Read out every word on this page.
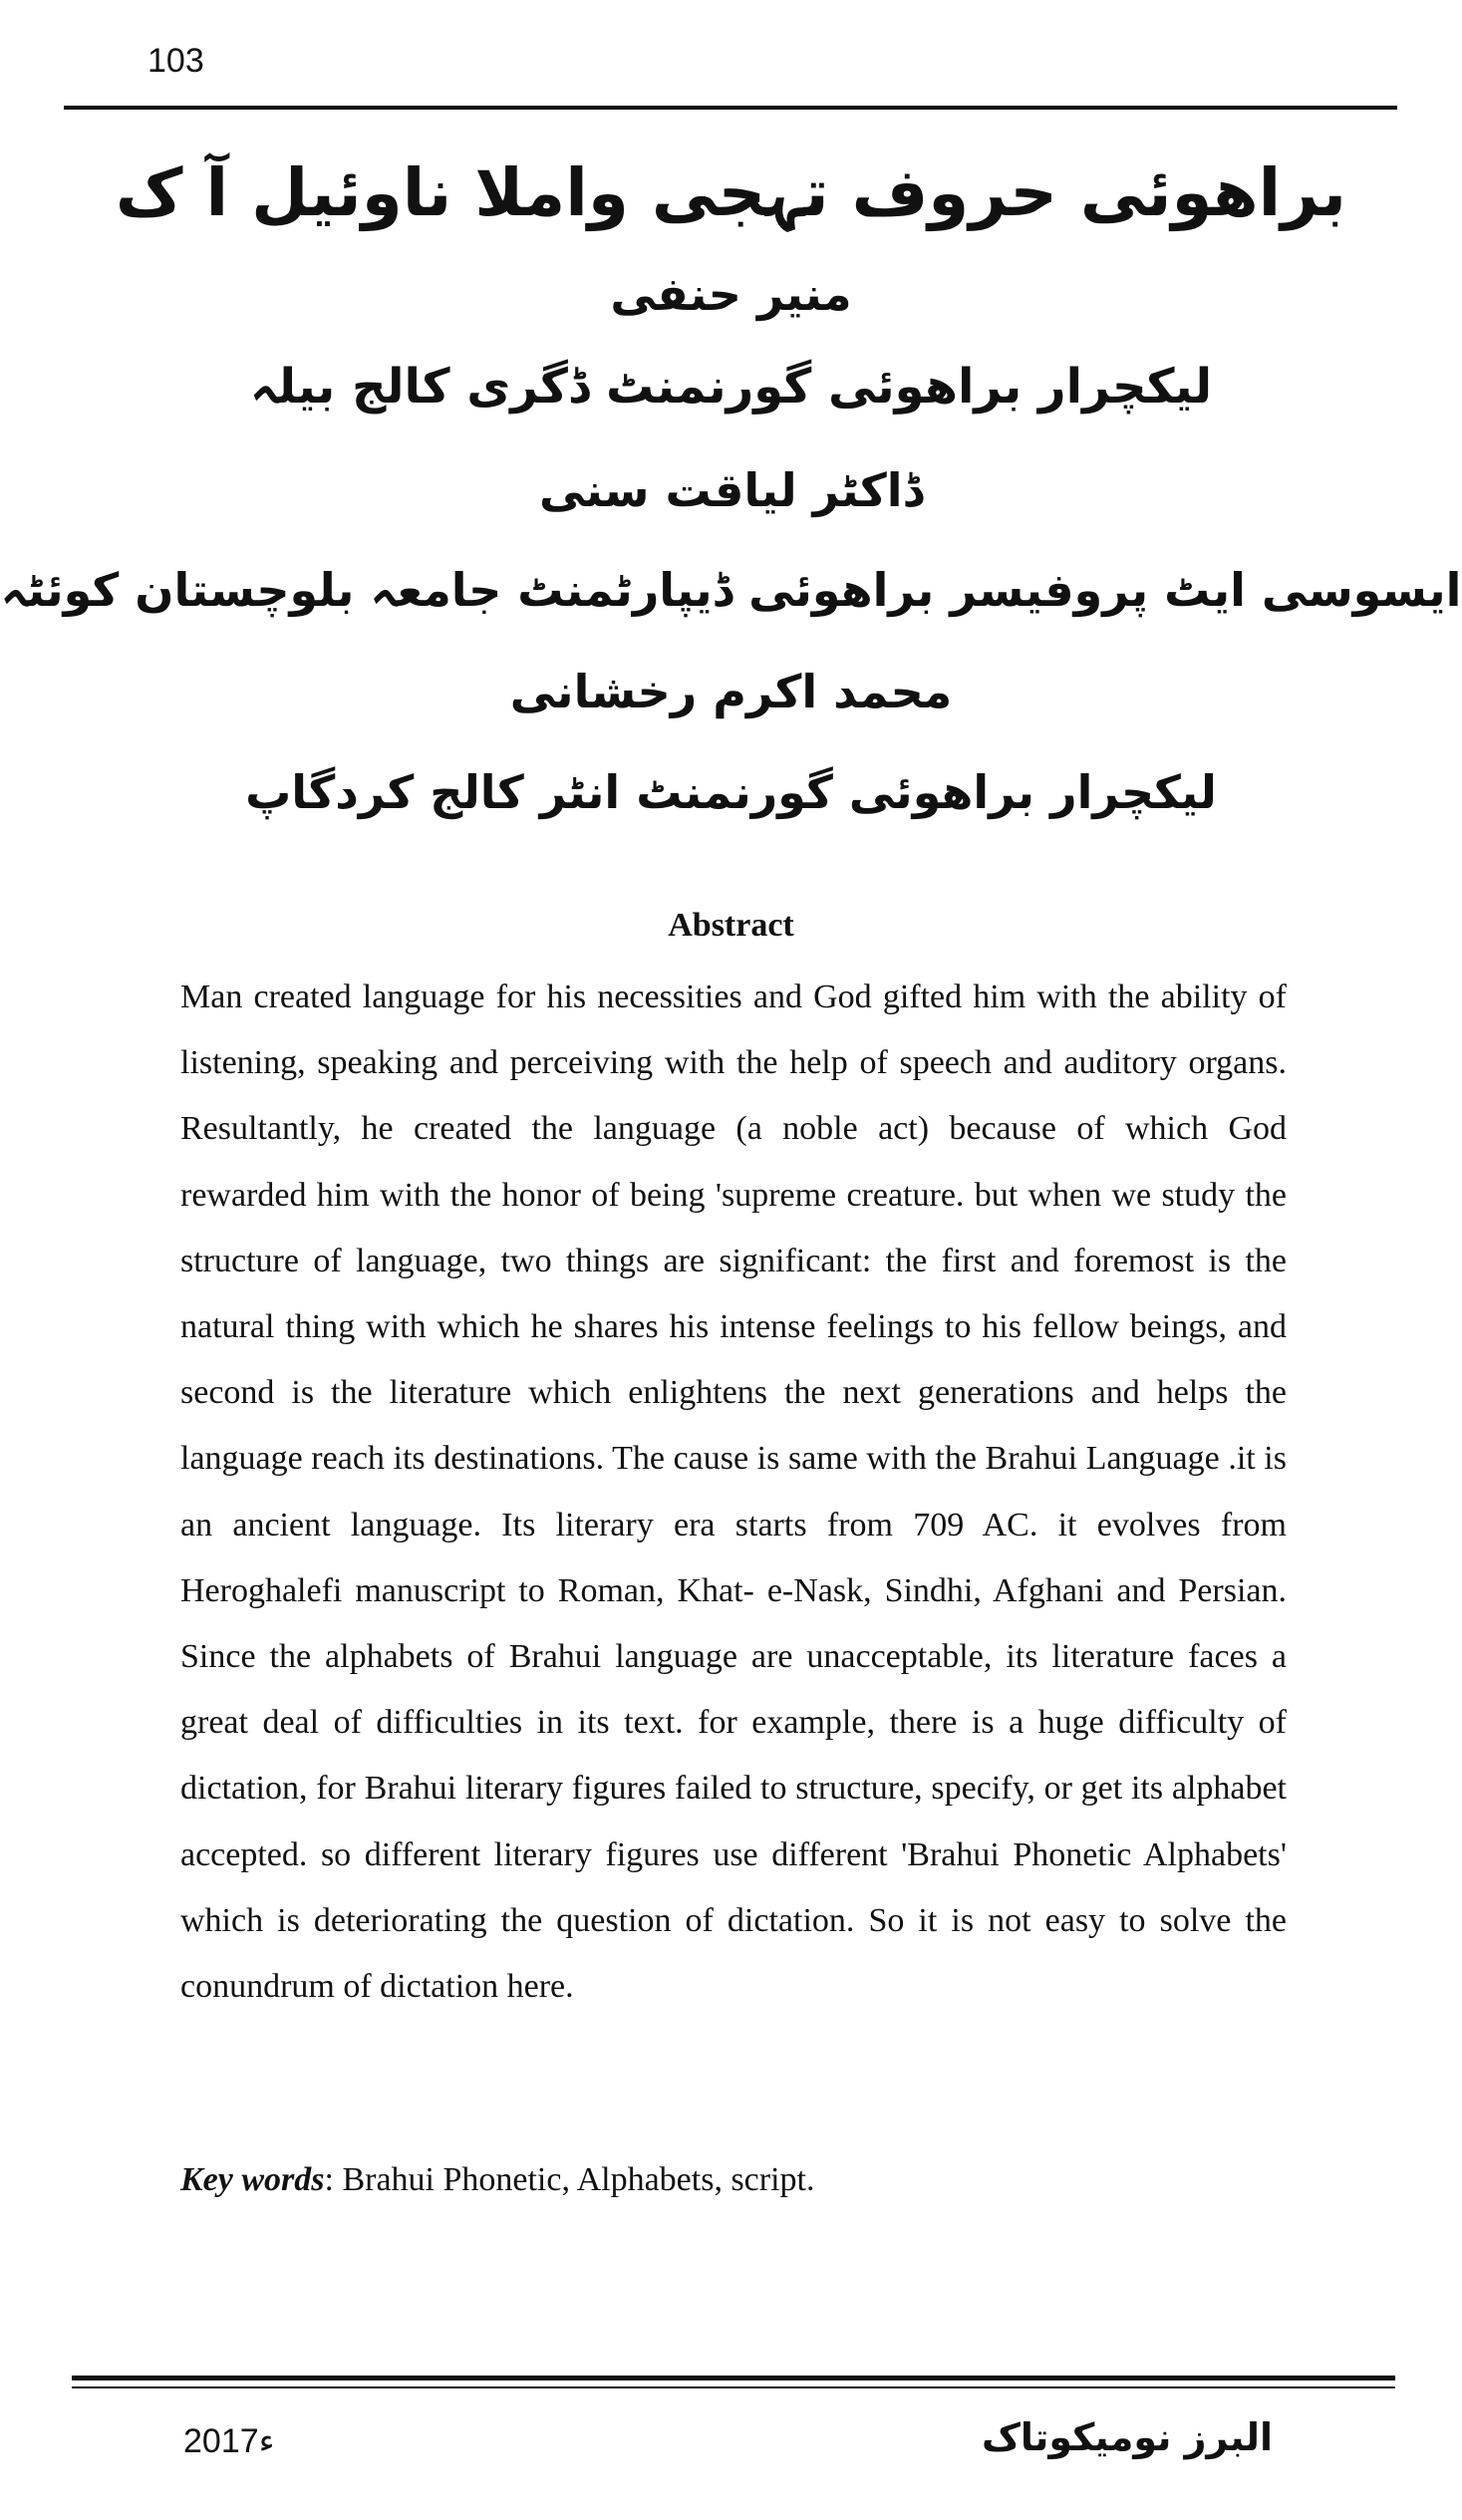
103
براھوئی حروف تہجی واملا ناوئیل آ ک
منیر حنفی
لیکچرار براھوئی گورنمنٹ ڈگری کالج بیلہ
ڈاکٹر لیاقت سنی
ایسوسی ایٹ پروفیسر براھوئی ڈیپارٹمنٹ جامعہ بلوچستان کوئٹہ
محمد اکرم رخشانی
لیکچرار براھوئی گورنمنٹ انٹر کالج کردگاپ
Abstract

Man created language for his necessities and God gifted him with the ability of listening, speaking and perceiving with the help of speech and auditory organs. Resultantly, he created the language (a noble act) because of which God rewarded him with the honor of being 'supreme creature. but when we study the structure of language, two things are significant: the first and foremost is the natural thing with which he shares his intense feelings to his fellow beings, and second is the literature which enlightens the next generations and helps the language reach its destinations. The cause is same with the Brahui Language .it is an ancient language. Its literary era starts from 709 AC. it evolves from Heroghalefi manuscript to Roman, Khat- e-Nask, Sindhi, Afghani and Persian. Since the alphabets of Brahui language are unacceptable, its literature faces a great deal of difficulties in its text. for example, there is a huge difficulty of dictation, for Brahui literary figures failed to structure, specify, or get its alphabet accepted. so different literary figures use different 'Brahui Phonetic Alphabets' which is deteriorating the question of dictation. So it is not easy to solve the conundrum of dictation here.

Key words: Brahui Phonetic, Alphabets, script.
2017ء	البرز نومیکوتاک
